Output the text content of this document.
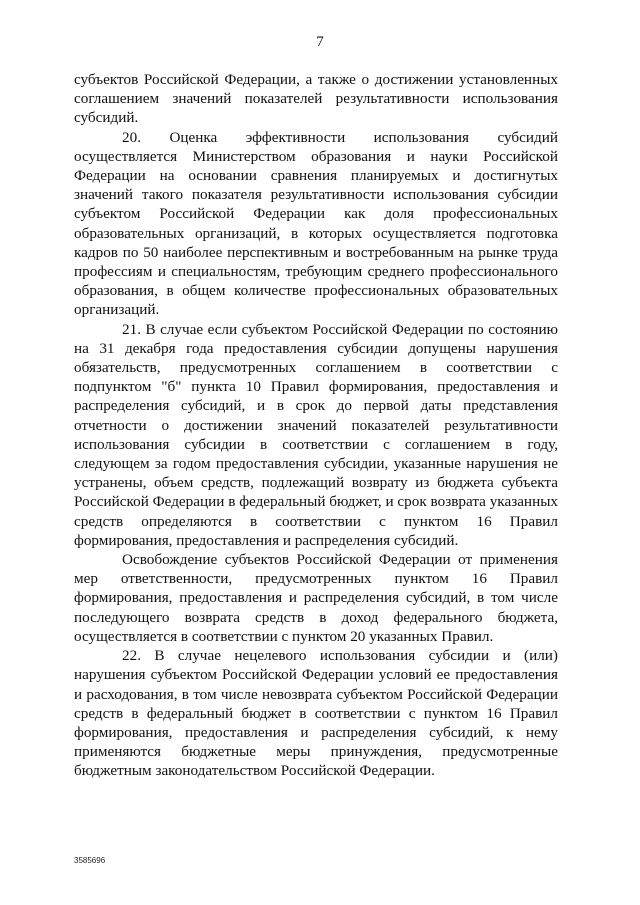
7

субъектов Российской Федерации, а также о достижении установленных соглашением значений показателей результативности использования субсидий.

20. Оценка эффективности использования субсидий осуществляется Министерством образования и науки Российской Федерации на основании сравнения планируемых и достигнутых значений такого показателя результативности использования субсидии субъектом Российской Федерации как доля профессиональных образовательных организаций, в которых осуществляется подготовка кадров по 50 наиболее перспективным и востребованным на рынке труда профессиям и специальностям, требующим среднего профессионального образования, в общем количестве профессиональных образовательных организаций.

21. В случае если субъектом Российской Федерации по состоянию на 31 декабря года предоставления субсидии допущены нарушения обязательств, предусмотренных соглашением в соответствии с подпунктом "б" пункта 10 Правил формирования, предоставления и распределения субсидий, и в срок до первой даты представления отчетности о достижении значений показателей результативности использования субсидии в соответствии с соглашением в году, следующем за годом предоставления субсидии, указанные нарушения не устранены, объем средств, подлежащий возврату из бюджета субъекта Российской Федерации в федеральный бюджет, и срок возврата указанных средств определяются в соответствии с пунктом 16 Правил формирования, предоставления и распределения субсидий.

Освобождение субъектов Российской Федерации от применения мер ответственности, предусмотренных пунктом 16 Правил формирования, предоставления и распределения субсидий, в том числе последующего возврата средств в доход федерального бюджета, осуществляется в соответствии с пунктом 20 указанных Правил.

22. В случае нецелевого использования субсидии и (или) нарушения субъектом Российской Федерации условий ее предоставления и расходования, в том числе невозврата субъектом Российской Федерации средств в федеральный бюджет в соответствии с пунктом 16 Правил формирования, предоставления и распределения субсидий, к нему применяются бюджетные меры принуждения, предусмотренные бюджетным законодательством Российской Федерации.

3585696
